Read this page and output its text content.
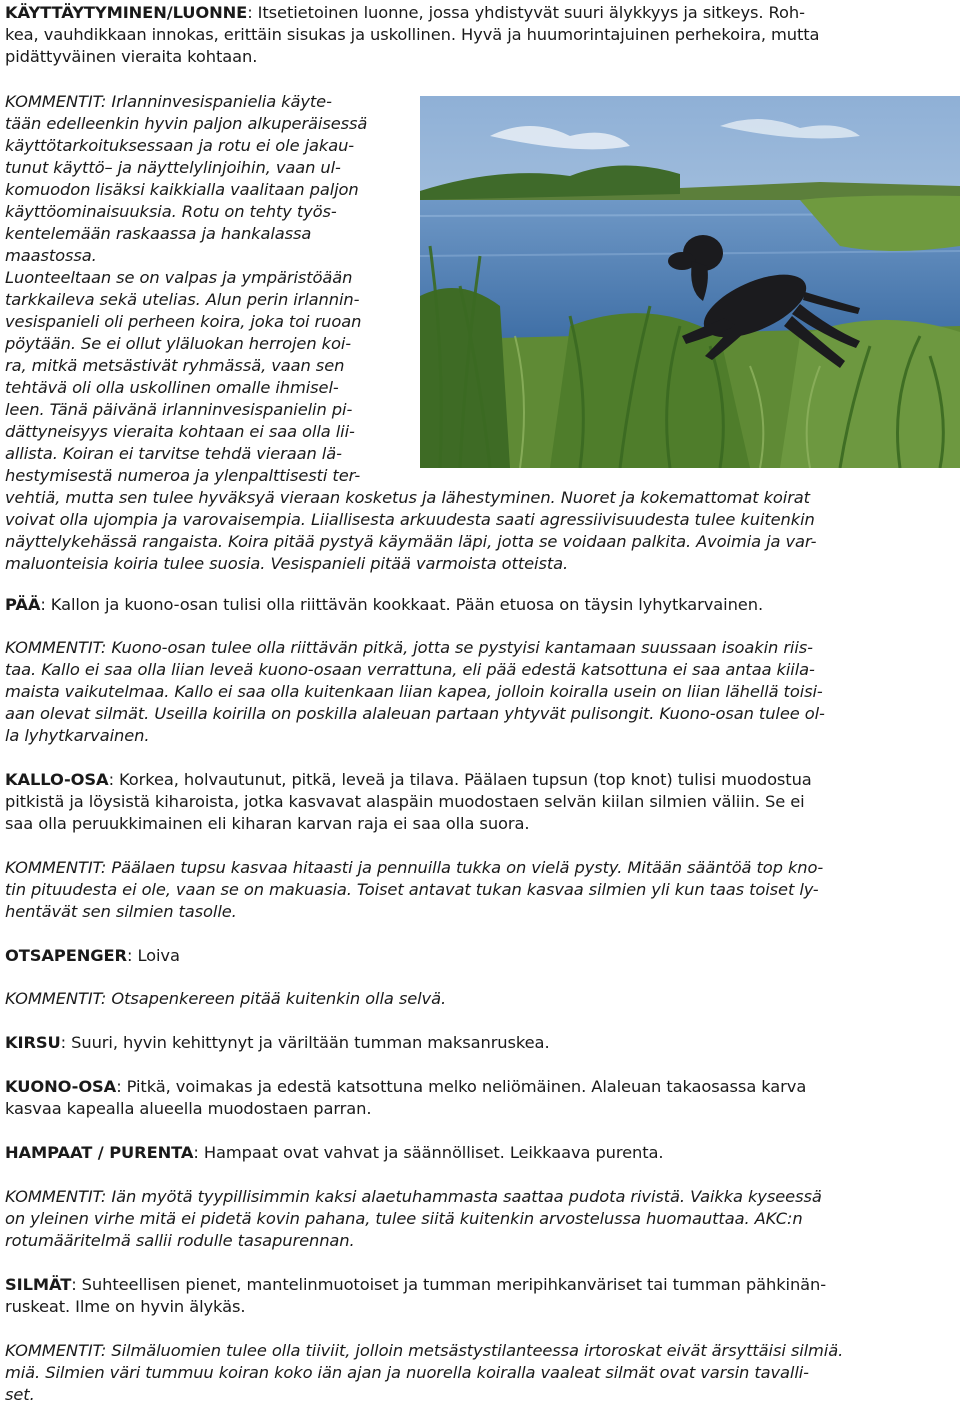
KÄYTTÄYTYMINEN/LUONNE: Itsetietoinen luonne, jossa yhdistyvät suuri älykkyys ja sitkeys. Roh-

kea, vauhdikkaan innokas, erittäin sisukas ja uskollinen. Hyvä ja huumorintajuinen perhekoira, mutta

pidättyväinen vieraita kohtaan.

KOMMENTIT: Irlanninvesispanielia käyte-

tään edelleenkin hyvin paljon alkuperäisessä

käyttötarkoituksessaan ja rotu ei ole jakau-

tunut käyttö– ja näyttelylinjoihin, vaan ul-

komuodon lisäksi kaikkialla vaalitaan paljon

käyttöominaisuuksia. Rotu on tehty työs-

kentelemään raskaassa ja hankalassa

maastossa.

Luonteeltaan se on valpas ja ympäristöään

tarkkaileva sekä utelias. Alun perin irlannin-

vesispanieli oli perheen koira, joka toi ruoan

pöytään. Se ei ollut yläluokan herrojen koi-

ra, mitkä metsästivät ryhmässä, vaan sen

tehtävä oli olla uskollinen omalle ihmisel-

leen. Tänä päivänä irlanninvesispanielin pi-

dättyneisyys vieraita kohtaan ei saa olla lii-

allista. Koiran ei tarvitse tehdä vieraan lä-

hestymisestä numeroa ja ylenpalttisesti ter-

vehtiä, mutta sen tulee hyväksyä vieraan kosketus ja lähestyminen. Nuoret ja kokemattomat koirat

voivat olla ujompia ja varovaisempia. Liiallisesta arkuudesta saati agressiivisuudesta tulee kuitenkin

näyttelykehässä rangaista. Koira pitää pystyä käymään läpi, jotta se voidaan palkita. Avoimia ja var-

maluonteisia koiria tulee suosia. Vesispanieli pitää varmoista otteista.

PÄÄ: Kallon ja kuono-osan tulisi olla riittävän kookkaat. Pään etuosa on täysin lyhytkarvainen.

KOMMENTIT: Kuono-osan tulee olla riittävän pitkä, jotta se pystyisi kantamaan suussaan isoakin riis-

taa. Kallo ei saa olla liian leveä kuono-osaan verrattuna, eli pää edestä katsottuna ei saa antaa kiila-

maista vaikutelmaa. Kallo ei saa olla kuitenkaan liian kapea, jolloin koiralla usein on liian lähellä toisi-

aan olevat silmät. Useilla koirilla on poskilla alaleuan partaan yhtyvät pulisongit. Kuono-osan tulee ol-

la lyhytkarvainen.

KALLO-OSA: Korkea, holvautunut, pitkä, leveä ja tilava. Päälaen tupsun (top knot) tulisi muodostua

pitkistä ja löysistä kiharoista, jotka kasvavat alaspäin muodostaen selvän kiilan silmien väliin. Se ei

saa olla peruukkimainen eli kiharan karvan raja ei saa olla suora.

KOMMENTIT: Päälaen tupsu kasvaa hitaasti ja pennuilla tukka on vielä pysty. Mitään sääntöä top kno-

tin pituudesta ei ole, vaan se on makuasia. Toiset antavat tukan kasvaa silmien yli kun taas toiset ly-

hentävät sen silmien tasolle.

OTSAPENGER: Loiva

KOMMENTIT: Otsapenkereen pitää kuitenkin olla selvä.

KIRSU: Suuri, hyvin kehittynyt ja väriltään tumman maksanruskea.

KUONO-OSA: Pitkä, voimakas ja edestä katsottuna melko neliömäinen. Alaleuan takaosassa karva

kasvaa kapealla alueella muodostaen parran.

HAMPAAT / PURENTA: Hampaat ovat vahvat ja säännölliset. Leikkaava purenta.

KOMMENTIT: Iän myötä tyypillisimmin kaksi alaetuhammasta saattaa pudota rivistä. Vaikka kyseessä

on yleinen virhe mitä ei pidetä kovin pahana, tulee siitä kuitenkin arvostelussa huomauttaa. AKC:n

rotumääritelmä sallii rodulle tasapurennan.

SILMÄT: Suhteellisen pienet, mantelinmuotoiset ja tumman meripihkanväriset tai tumman pähkinän-

ruskeat. Ilme on hyvin älykäs.

KOMMENTIT: Silmäluomien tulee olla tiiviit, jolloin metsästystilanteessa irtoroskat eivät ärsyttäisi silmiä.

miä. Silmien väri tummuu koiran koko iän ajan ja nuorella koiralla vaaleat silmät ovat varsin tavalli-

set.
